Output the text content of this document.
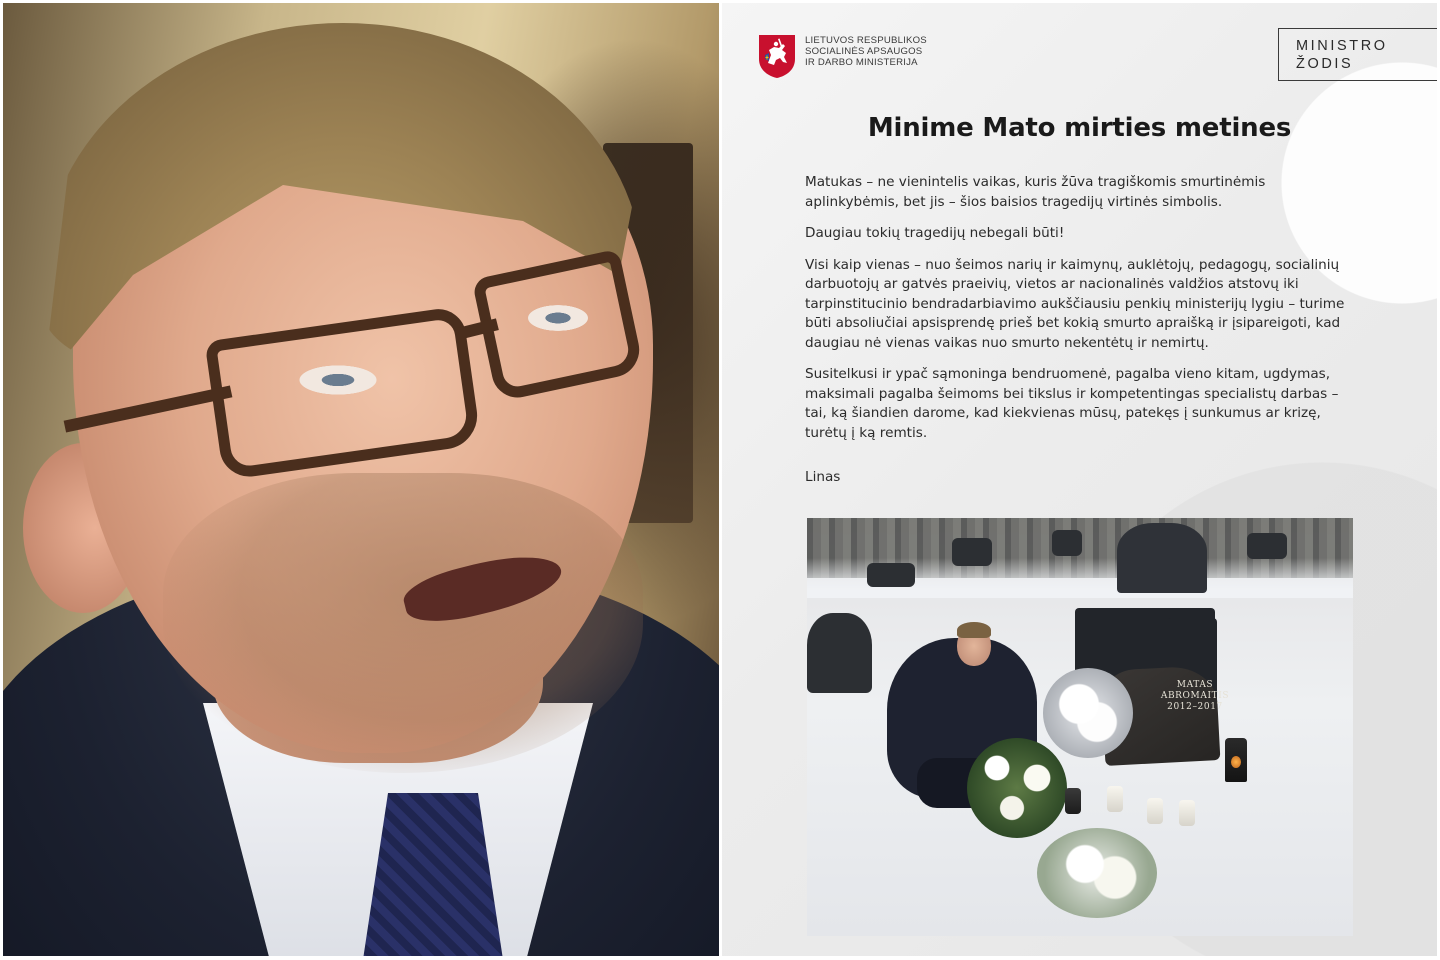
LIETUVOS RESPUBLIKOS
SOCIALINĖS APSAUGOS
IR DARBO MINISTERIJA
MINISTRO
ŽODIS
Minime Mato mirties metines

Matukas – ne vienintelis vaikas, kuris žūva tragiškomis smurtinėmis aplinkybėmis, bet jis – šios baisios tragedijų virtinės simbolis.

Daugiau tokių tragedijų nebegali būti!

Visi kaip vienas – nuo šeimos narių ir kaimynų, auklėtojų, pedagogų, socialinių darbuotojų ar gatvės praeivių, vietos ar nacionalinės valdžios atstovų iki tarpinstitucinio bendradarbiavimo aukščiausiu penkių ministerijų lygiu – turime būti absoliučiai apsisprendę prieš bet kokią smurto apraišką ir įsipareigoti, kad daugiau nė vienas vaikas nuo smurto nekentėtų ir nemirtų.

Susitelkusi ir ypač sąmoninga bendruomenė, pagalba vieno kitam, ugdymas, maksimali pagalba šeimoms bei tikslus ir kompetentingas specialistų darbas – tai, ką šiandien darome, kad kiekvienas mūsų, patekęs į sunkumus ar krizę, turėtų į ką remtis.

Linas
MATAS
ABROMAITIS
2012–2017
